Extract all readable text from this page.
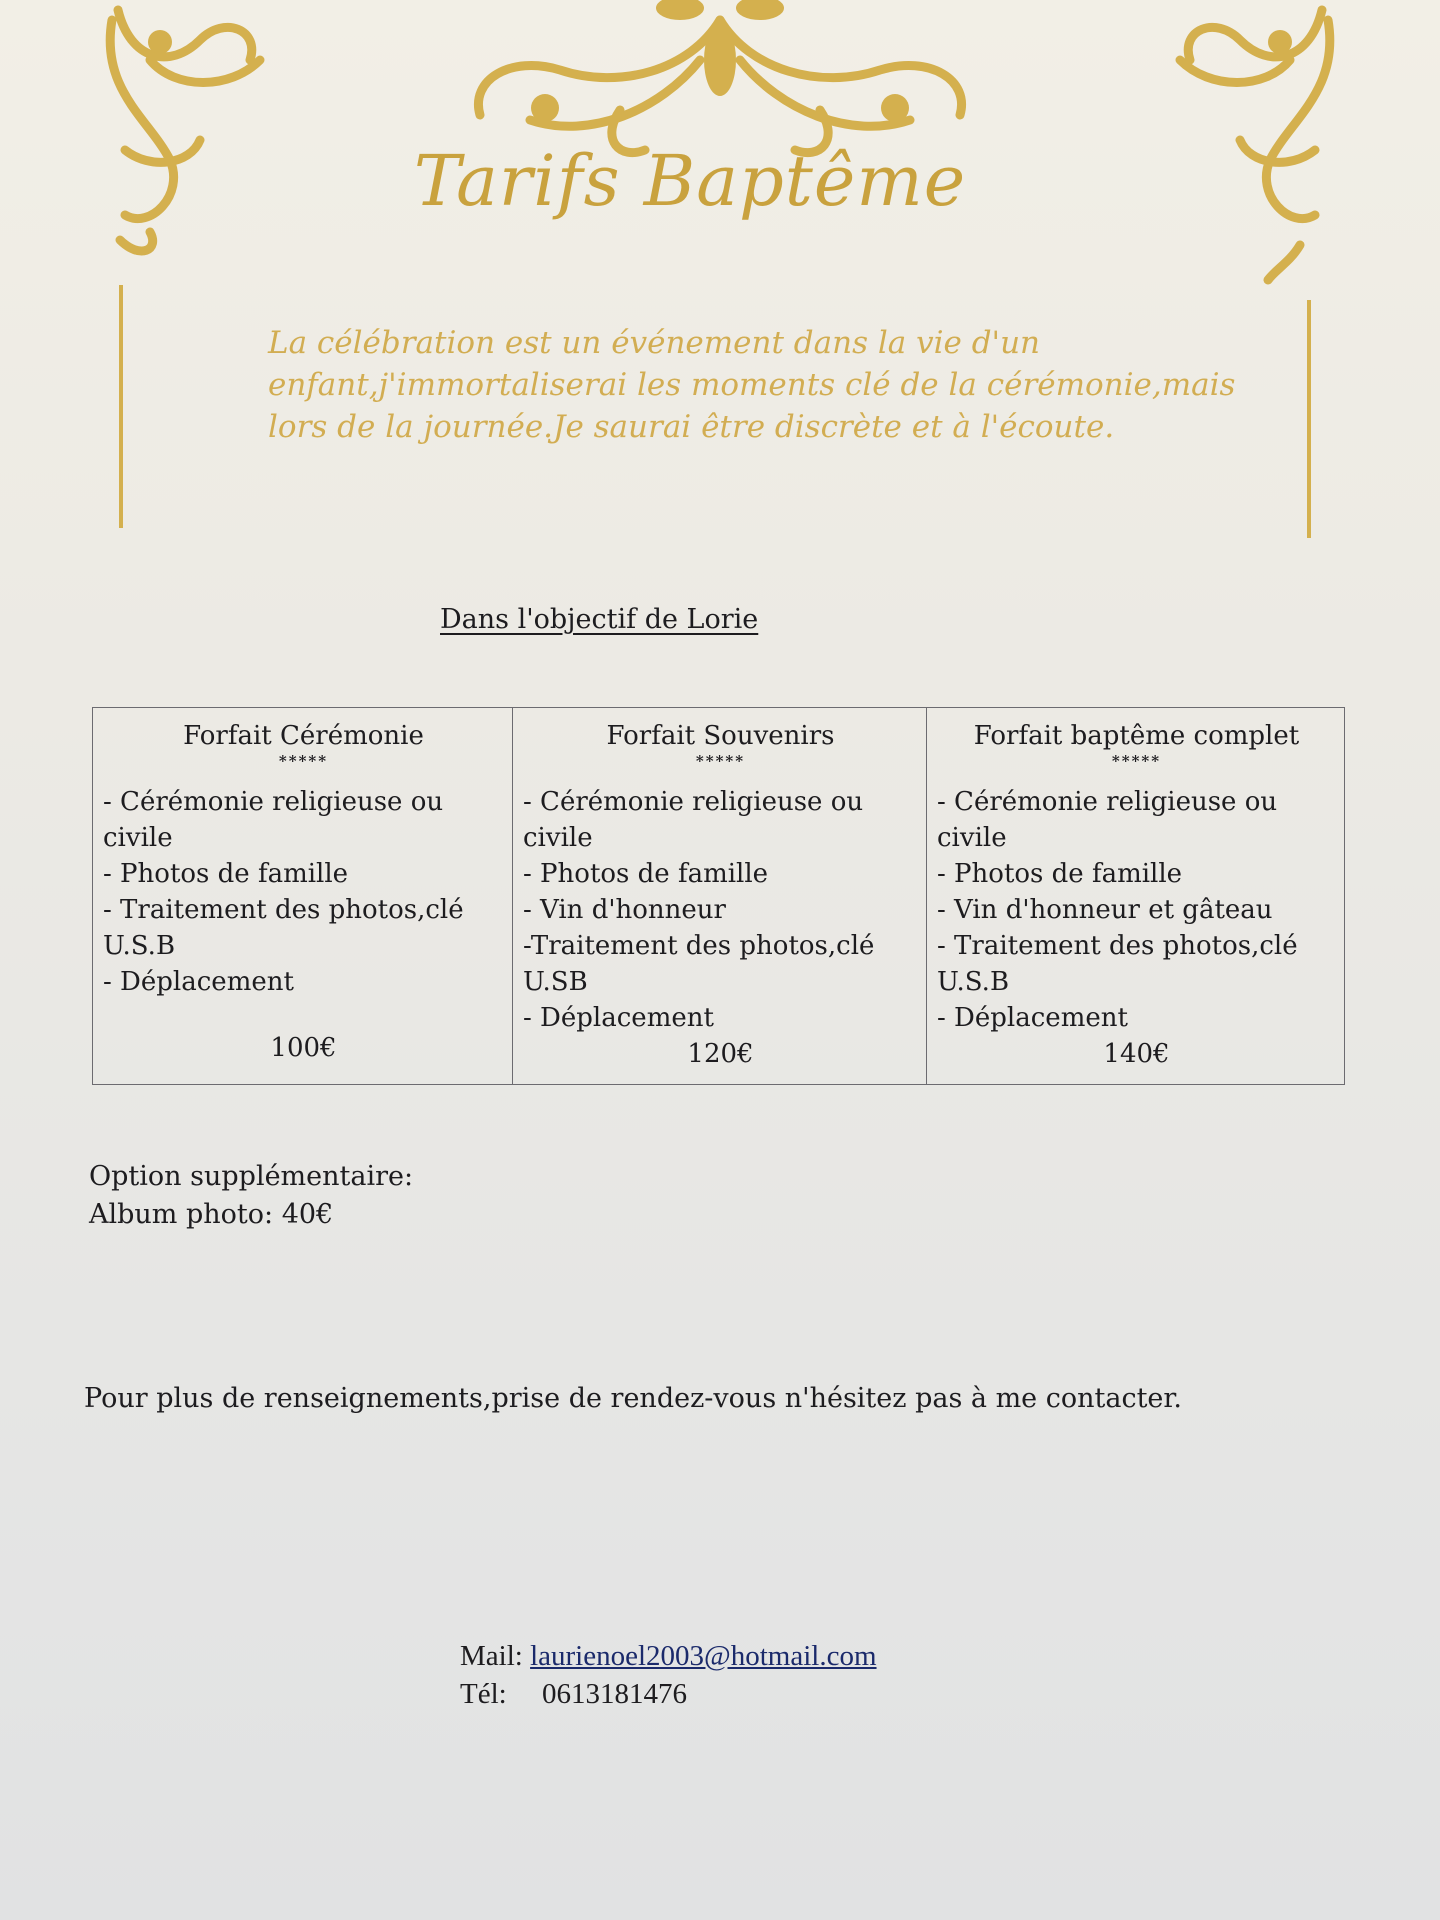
Tarifs Baptême
La célébration est un événement dans la vie d'un
enfant,j'immortaliserai les moments clé de la cérémonie,mais
lors de la journée.Je saurai être discrète et à l'écoute.
Dans l'objectif de Lorie
Forfait Cérémonie
*****
- Cérémonie religieuse ou civile
- Photos de famille
- Traitement des photos,clé U.S.B
- Déplacement
100€

Forfait Souvenirs
*****
- Cérémonie religieuse ou civile
- Photos de famille
- Vin d'honneur
-Traitement des photos,clé U.SB
- Déplacement
120€

Forfait baptême complet
*****
- Cérémonie religieuse ou civile
- Photos de famille
- Vin d'honneur et gâteau
- Traitement des photos,clé U.S.B
- Déplacement
140€
Option supplémentaire:
Album photo: 40€
Pour plus de renseignements,prise de rendez-vous n'hésitez pas à me contacter.
Mail: laurienoel2003@hotmail.com
Tél: 0613181476
